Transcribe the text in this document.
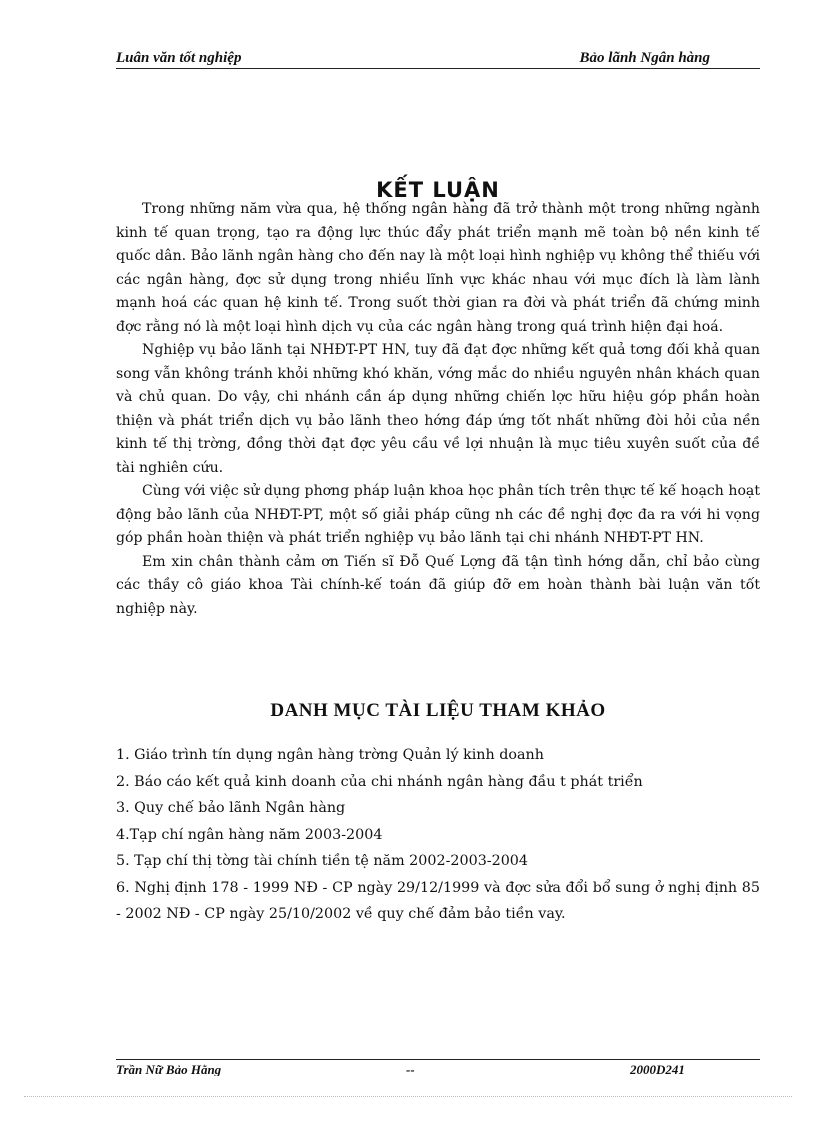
Luân văn tốt nghiệp	Bảo lãnh Ngân hàng
KẾT LUẬN

Trong những năm vừa qua, hệ thống ngân hàng đã trở thành một trong những ngành kinh tế quan trọng, tạo ra động lực thúc đẩy phát triển mạnh mẽ toàn bộ nền kinh tế quốc dân. Bảo lãnh ngân hàng cho đến nay là một loại hình nghiệp vụ không thể thiếu với các ngân hàng, đợc sử dụng trong nhiều lĩnh vực khác nhau với mục đích là làm lành mạnh hoá các quan hệ kinh tế. Trong suốt thời gian ra đời và phát triển đã chứng minh đợc rằng nó là một loại hình dịch vụ của các ngân hàng trong quá trình hiện đại hoá.

Nghiệp vụ bảo lãnh tại NHĐT-PT HN, tuy đã đạt đợc những kết quả tơng đối khả quan song vẫn không tránh khỏi những khó khăn, vớng mắc do nhiều nguyên nhân khách quan và chủ quan. Do vậy, chi nhánh cần áp dụng những chiến lợc hữu hiệu góp phần hoàn thiện và phát triển dịch vụ bảo lãnh theo hớng đáp ứng tốt nhất những đòi hỏi của nền kinh tế thị trờng, đồng thời đạt đợc yêu cầu về lợi nhuận là mục tiêu xuyên suốt của đề tài nghiên cứu.

Cùng với việc sử dụng phơng pháp luận khoa học phân tích trên thực tế kế hoạch hoạt động bảo lãnh của NHĐT-PT, một số giải pháp cũng nh các đề nghị đợc đa ra với hi vọng góp phần hoàn thiện và phát triển nghiệp vụ bảo lãnh tại chi nhánh NHĐT-PT HN.

Em xin chân thành cảm ơn Tiến sĩ Đỗ Quế Lợng đã tận tình hớng dẫn, chỉ bảo cùng các thầy cô giáo khoa Tài chính-kế toán đã giúp đỡ em hoàn thành bài luận văn tốt nghiệp này.

DANH MỤC TÀI LIỆU THAM KHẢO
1. Giáo trình tín dụng ngân hàng trờng Quản lý kinh doanh
2. Báo cáo kết quả kinh doanh của chi nhánh ngân hàng đầu t phát triển
3. Quy chế bảo lãnh Ngân hàng
4.Tạp chí ngân hàng năm 2003-2004
5. Tạp chí thị tờng tài chính tiền tệ năm 2002-2003-2004
6. Nghị định 178 - 1999 NĐ - CP ngày 29/12/1999 và đợc sửa đổi bổ sung ở nghị định 85 - 2002 NĐ - CP ngày 25/10/2002 về quy chế đảm bảo tiền vay.
Trần Nữ Bảo Hằng	--	2000D241
